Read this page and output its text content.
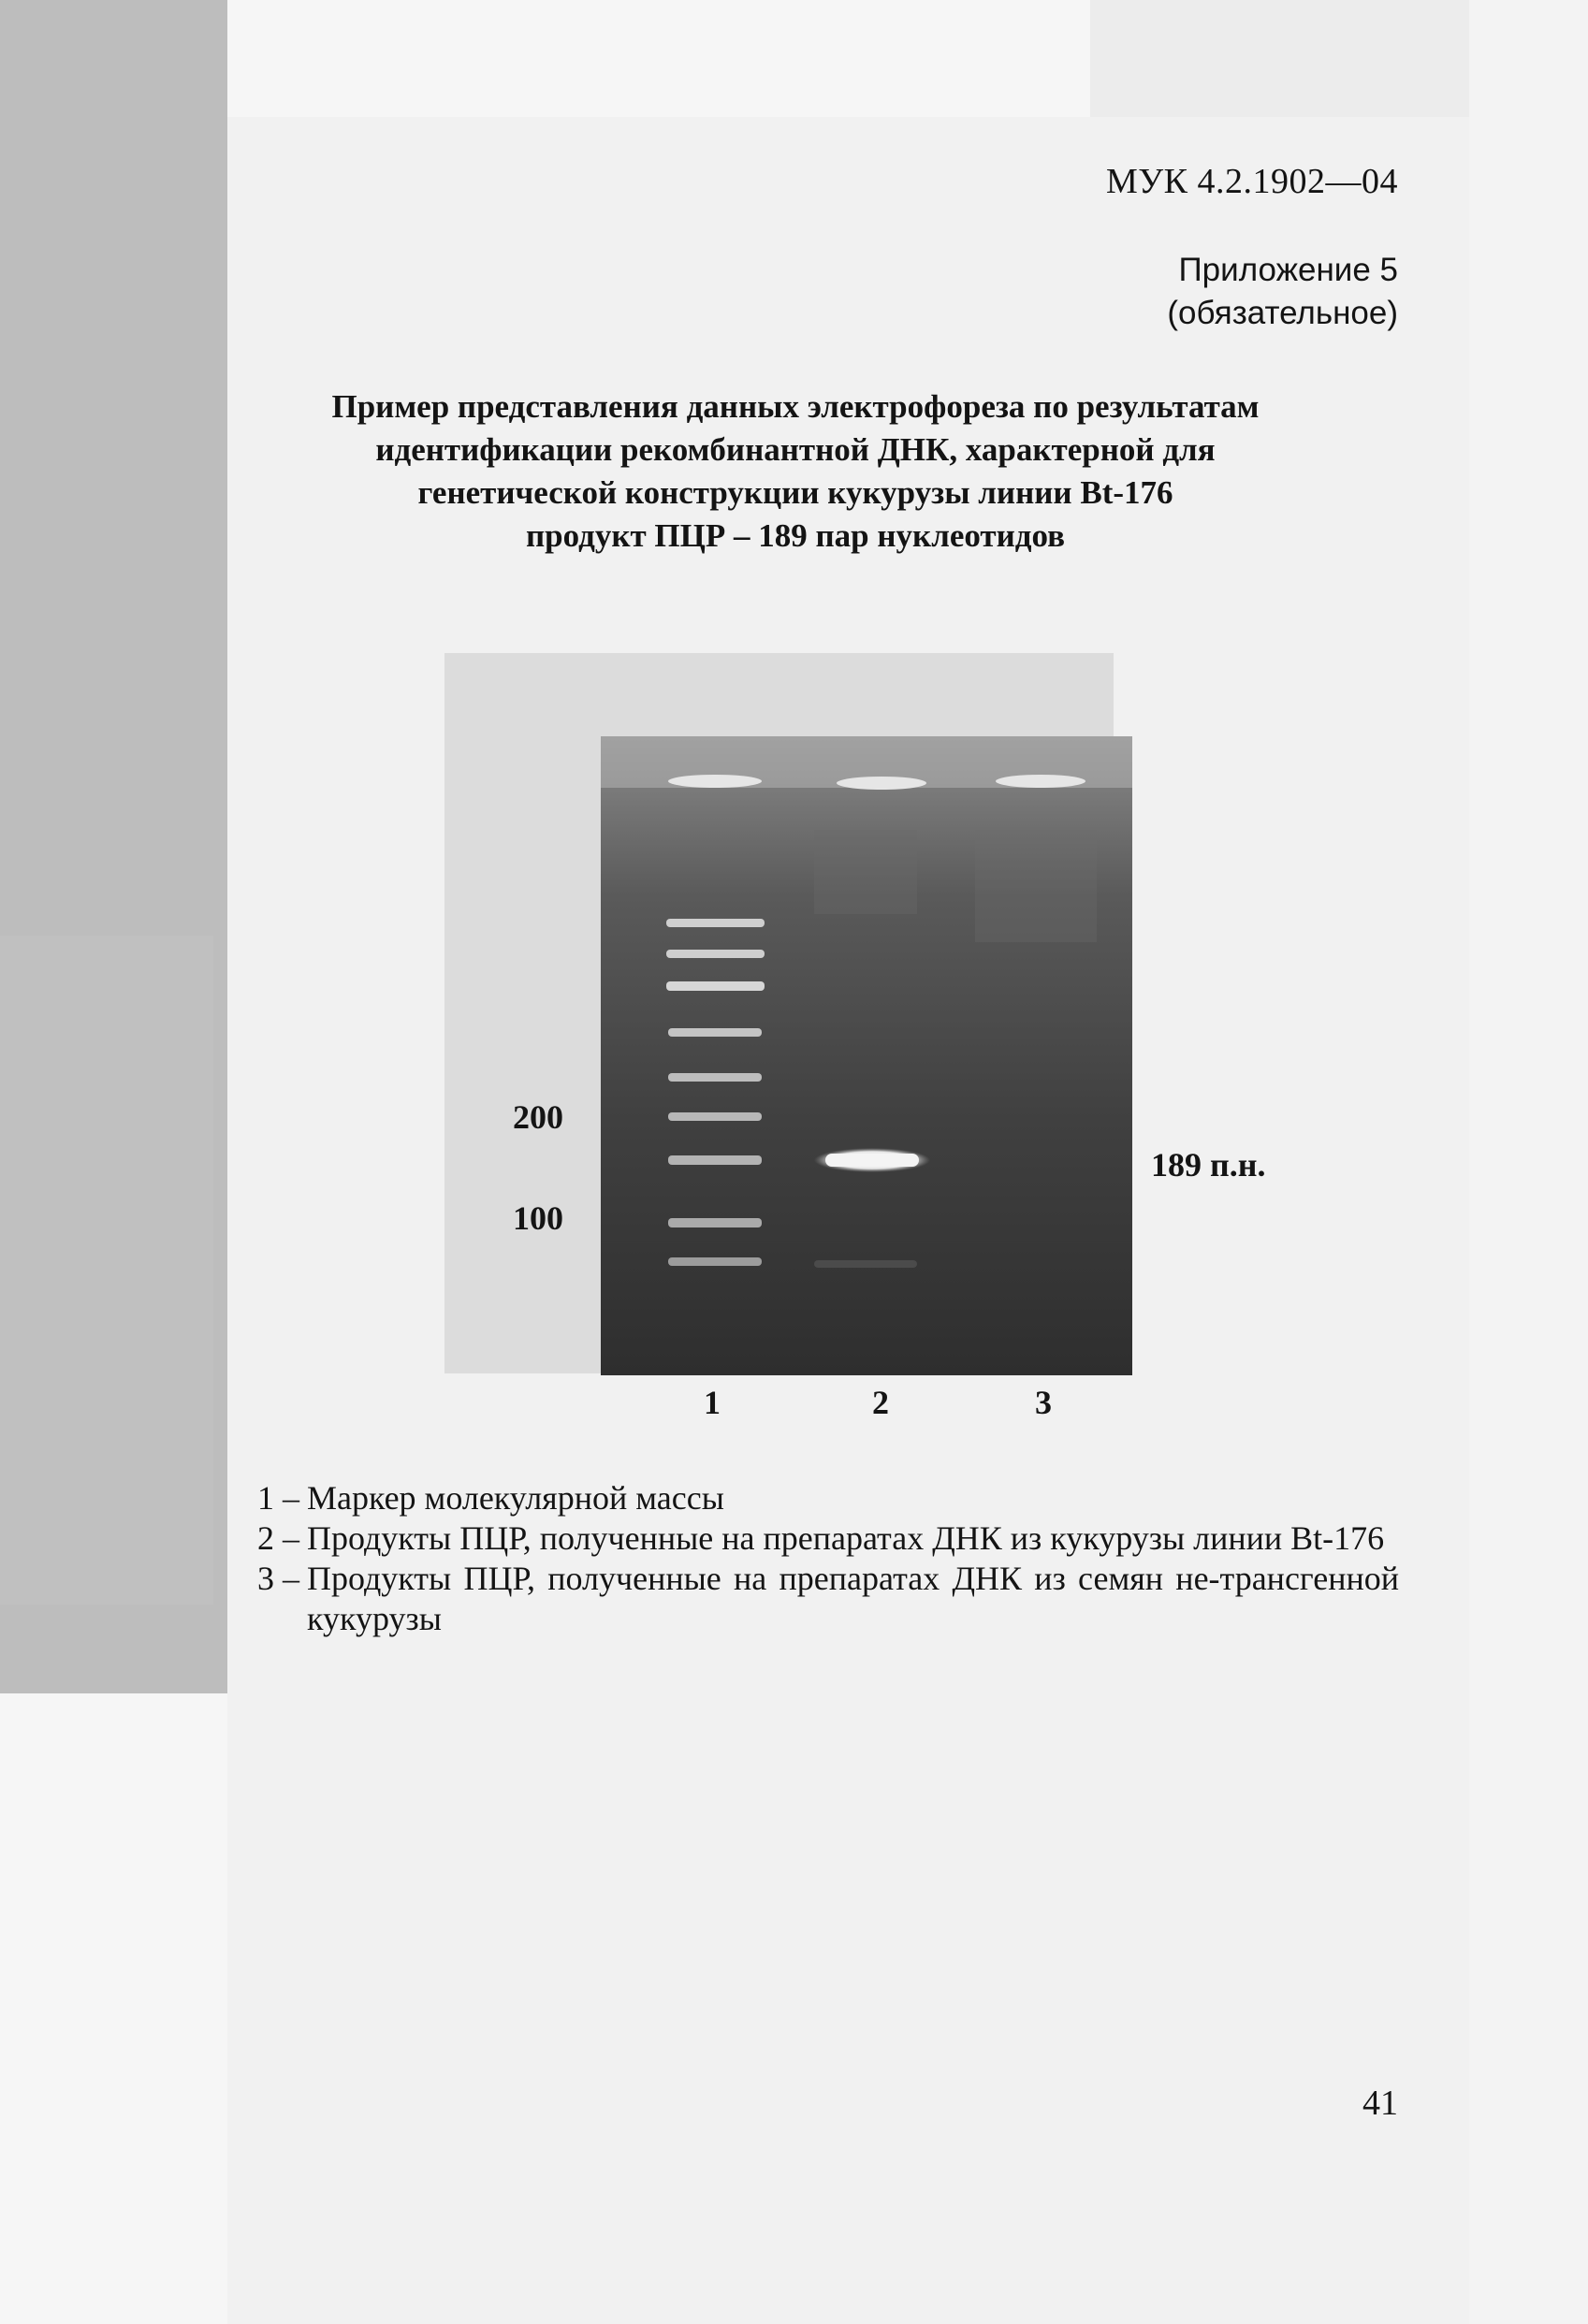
МУК 4.2.1902—04
Приложение 5
(обязательное)
Пример представления данных электрофореза по результатам
идентификации рекомбинантной ДНК, характерной для
генетической конструкции кукурузы линии Bt-176
продукт ПЦР – 189 пар нуклеотидов
200
100
189 п.н.
1	2	3
1 – Маркер молекулярной массы
2 – Продукты ПЦР, полученные на препаратах ДНК из кукурузы линии Bt-176
3 – Продукты ПЦР, полученные на препаратах ДНК из семян не-трансгенной кукурузы
41
